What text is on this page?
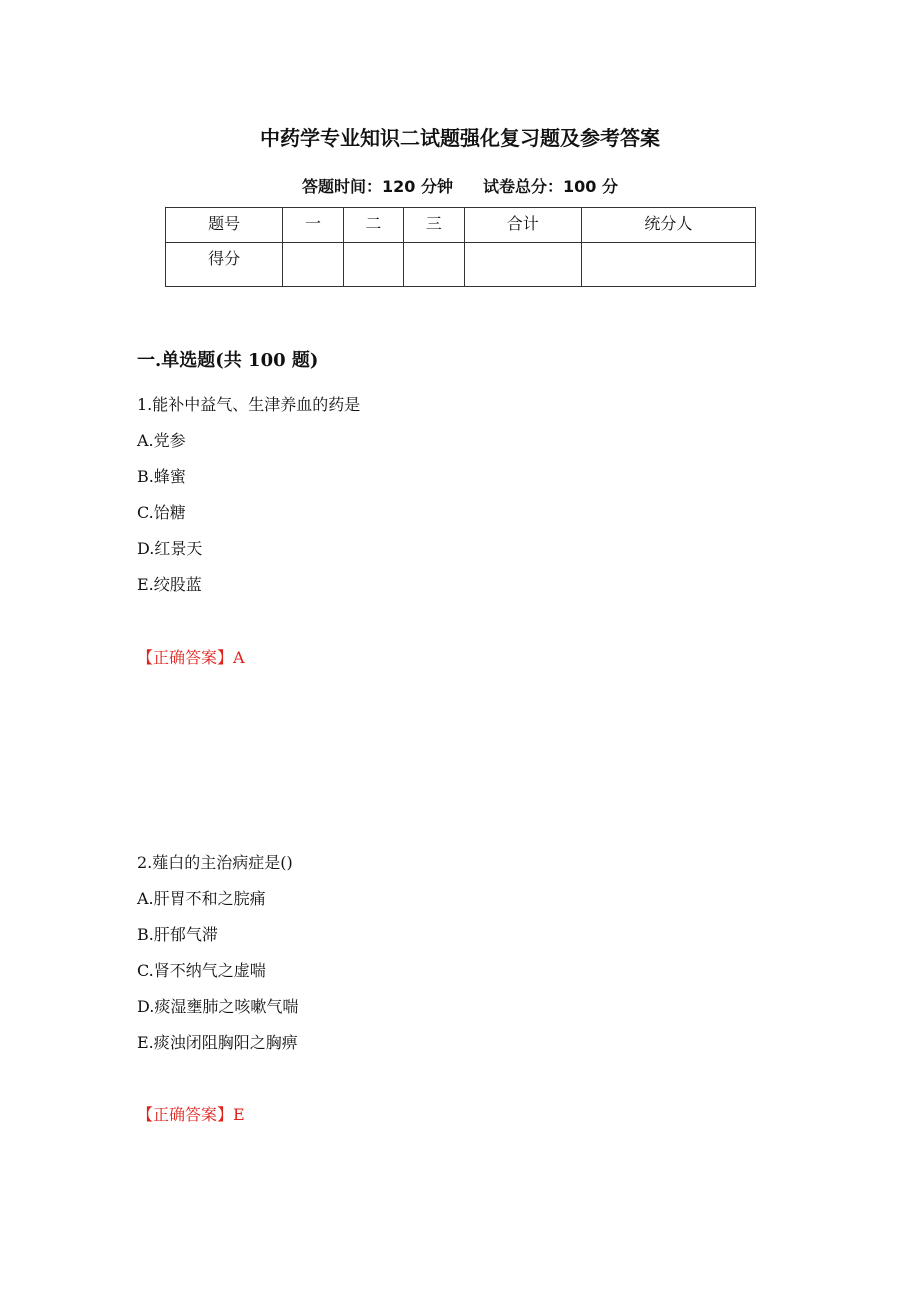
中药学专业知识二试题强化复习题及参考答案
答题时间：120 分钟 试卷总分：100 分
题号	一	二	三	合计	统分人
得分					
一.单选题(共 100 题)
1.能补中益气、生津养血的药是
A.党参
B.蜂蜜
C.饴糖
D.红景天
E.绞股蓝
【正确答案】A
2.薤白的主治病症是()
A.肝胃不和之脘痛
B.肝郁气滞
C.肾不纳气之虚喘
D.痰湿壅肺之咳嗽气喘
E.痰浊闭阻胸阳之胸痹
【正确答案】E
